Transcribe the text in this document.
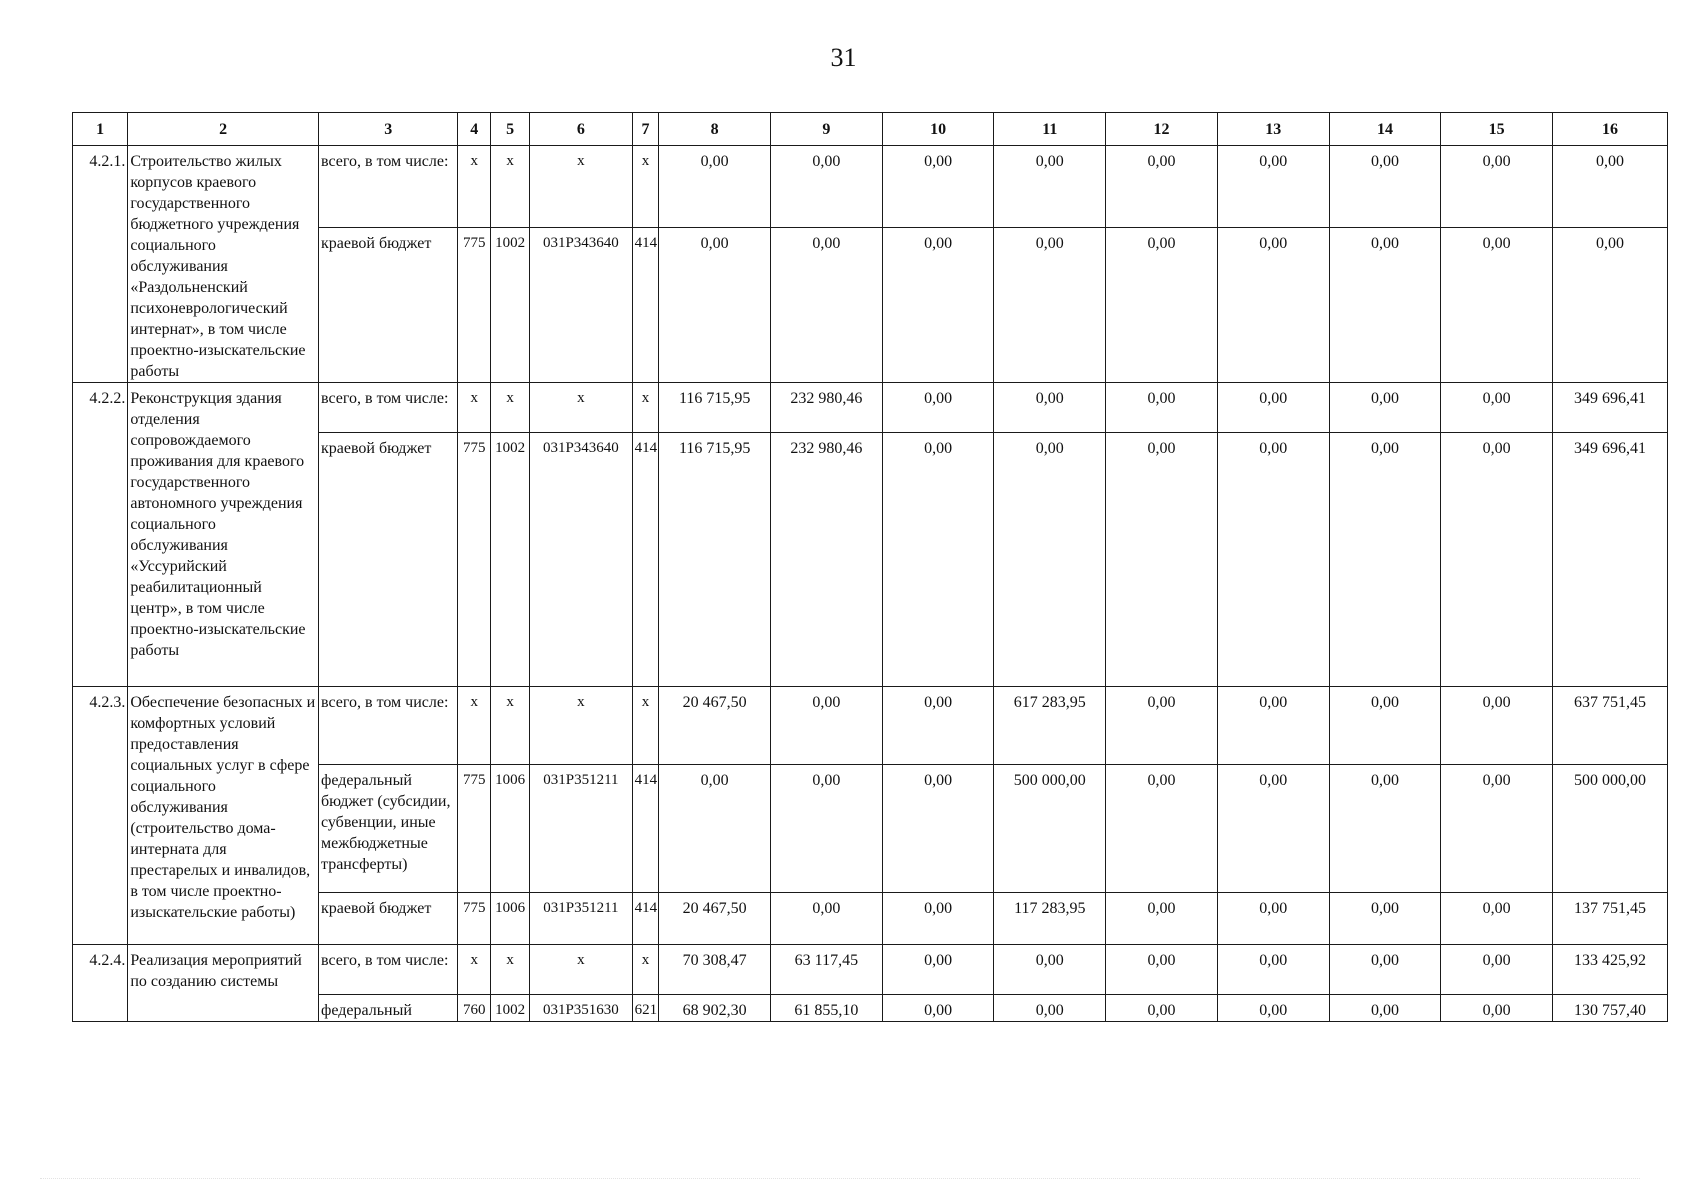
31
1	2	3	4	5	6	7	8	9	10	11	12	13	14	15	16
4.2.1.	Строительство жилых корпусов краевого государственного бюджетного учреждения социального обслуживания «Раздольненский психоневрологический интернат», в том числе проектно-изыскательские работы	всего, в том числе:	x	x	x	x	0,00	0,00	0,00	0,00	0,00	0,00	0,00	0,00	0,00
		краевой бюджет	775	1002	031P343640	414	0,00	0,00	0,00	0,00	0,00	0,00	0,00	0,00	0,00
4.2.2.	Реконструкция здания отделения сопровождаемого проживания для краевого государственного автономного учреждения социального обслуживания «Уссурийский реабилитационный центр», в том числе проектно-изыскательские работы	всего, в том числе:	x	x	x	x	116 715,95	232 980,46	0,00	0,00	0,00	0,00	0,00	0,00	349 696,41
		краевой бюджет	775	1002	031P343640	414	116 715,95	232 980,46	0,00	0,00	0,00	0,00	0,00	0,00	349 696,41
4.2.3.	Обеспечение безопасных и комфортных условий предоставления социальных услуг в сфере социального обслуживания (строительство дома-интерната для престарелых и инвалидов, в том числе проектно-изыскательские работы)	всего, в том числе:	x	x	x	x	20 467,50	0,00	0,00	617 283,95	0,00	0,00	0,00	0,00	637 751,45
		федеральный бюджет (субсидии, субвенции, иные межбюджетные трансферты)	775	1006	031P351211	414	0,00	0,00	0,00	500 000,00	0,00	0,00	0,00	0,00	500 000,00
		краевой бюджет	775	1006	031P351211	414	20 467,50	0,00	0,00	117 283,95	0,00	0,00	0,00	0,00	137 751,45
4.2.4.	Реализация мероприятий по созданию системы	всего, в том числе:	x	x	x	x	70 308,47	63 117,45	0,00	0,00	0,00	0,00	0,00	0,00	133 425,92
		федеральный	760	1002	031P351630	621	68 902,30	61 855,10	0,00	0,00	0,00	0,00	0,00	0,00	130 757,40
